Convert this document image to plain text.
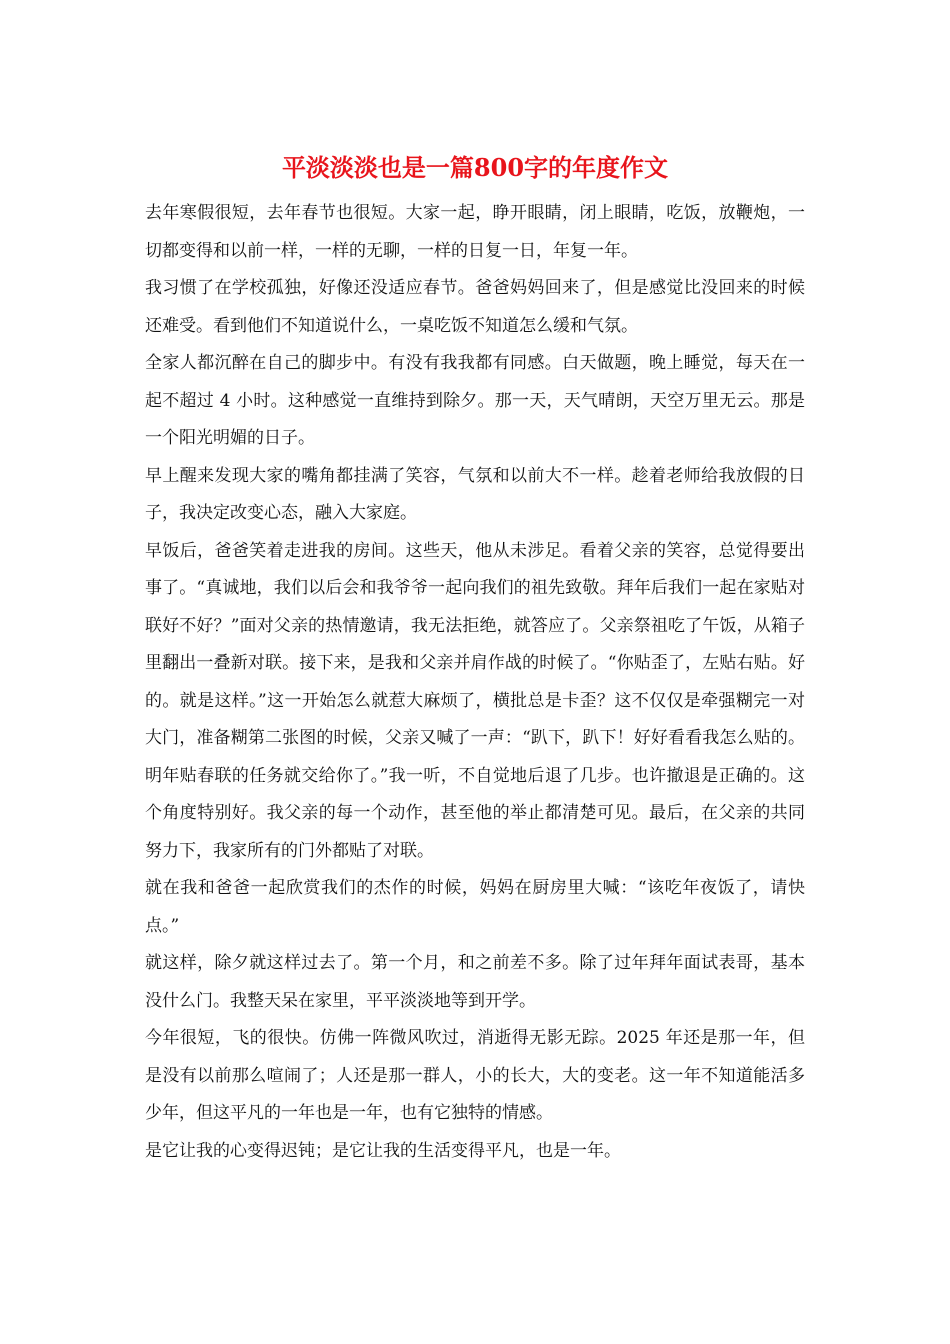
平淡淡淡也是一篇800字的年度作文

去年寒假很短，去年春节也很短。大家一起，睁开眼睛，闭上眼睛，吃饭，放鞭炮，一切都变得和以前一样，一样的无聊，一样的日复一日，年复一年。

我习惯了在学校孤独，好像还没适应春节。爸爸妈妈回来了，但是感觉比没回来的时候还难受。看到他们不知道说什么，一桌吃饭不知道怎么缓和气氛。

全家人都沉醉在自己的脚步中。有没有我我都有同感。白天做题，晚上睡觉，每天在一起不超过 4 小时。这种感觉一直维持到除夕。那一天，天气晴朗，天空万里无云。那是一个阳光明媚的日子。

早上醒来发现大家的嘴角都挂满了笑容，气氛和以前大不一样。趁着老师给我放假的日子，我决定改变心态，融入大家庭。

早饭后，爸爸笑着走进我的房间。这些天，他从未涉足。看着父亲的笑容，总觉得要出事了。“真诚地，我们以后会和我爷爷一起向我们的祖先致敬。拜年后我们一起在家贴对联好不好？”面对父亲的热情邀请，我无法拒绝，就答应了。父亲祭祖吃了午饭，从箱子里翻出一叠新对联。接下来，是我和父亲并肩作战的时候了。“你贴歪了，左贴右贴。好的。就是这样。”这一开始怎么就惹大麻烦了，横批总是卡歪？这不仅仅是牵强糊完一对大门，准备糊第二张图的时候，父亲又喊了一声：“趴下，趴下！好好看看我怎么贴的。明年贴春联的任务就交给你了。”我一听，不自觉地后退了几步。也许撤退是正确的。这个角度特别好。我父亲的每一个动作，甚至他的举止都清楚可见。最后，在父亲的共同努力下，我家所有的门外都贴了对联。

就在我和爸爸一起欣赏我们的杰作的时候，妈妈在厨房里大喊：“该吃年夜饭了，请快点。”

就这样，除夕就这样过去了。第一个月，和之前差不多。除了过年拜年面试表哥，基本没什么门。我整天呆在家里，平平淡淡地等到开学。

今年很短，飞的很快。仿佛一阵微风吹过，消逝得无影无踪。2025 年还是那一年，但是没有以前那么喧闹了；人还是那一群人，小的长大，大的变老。这一年不知道能活多少年，但这平凡的一年也是一年，也有它独特的情感。

是它让我的心变得迟钝；是它让我的生活变得平凡，也是一年。
